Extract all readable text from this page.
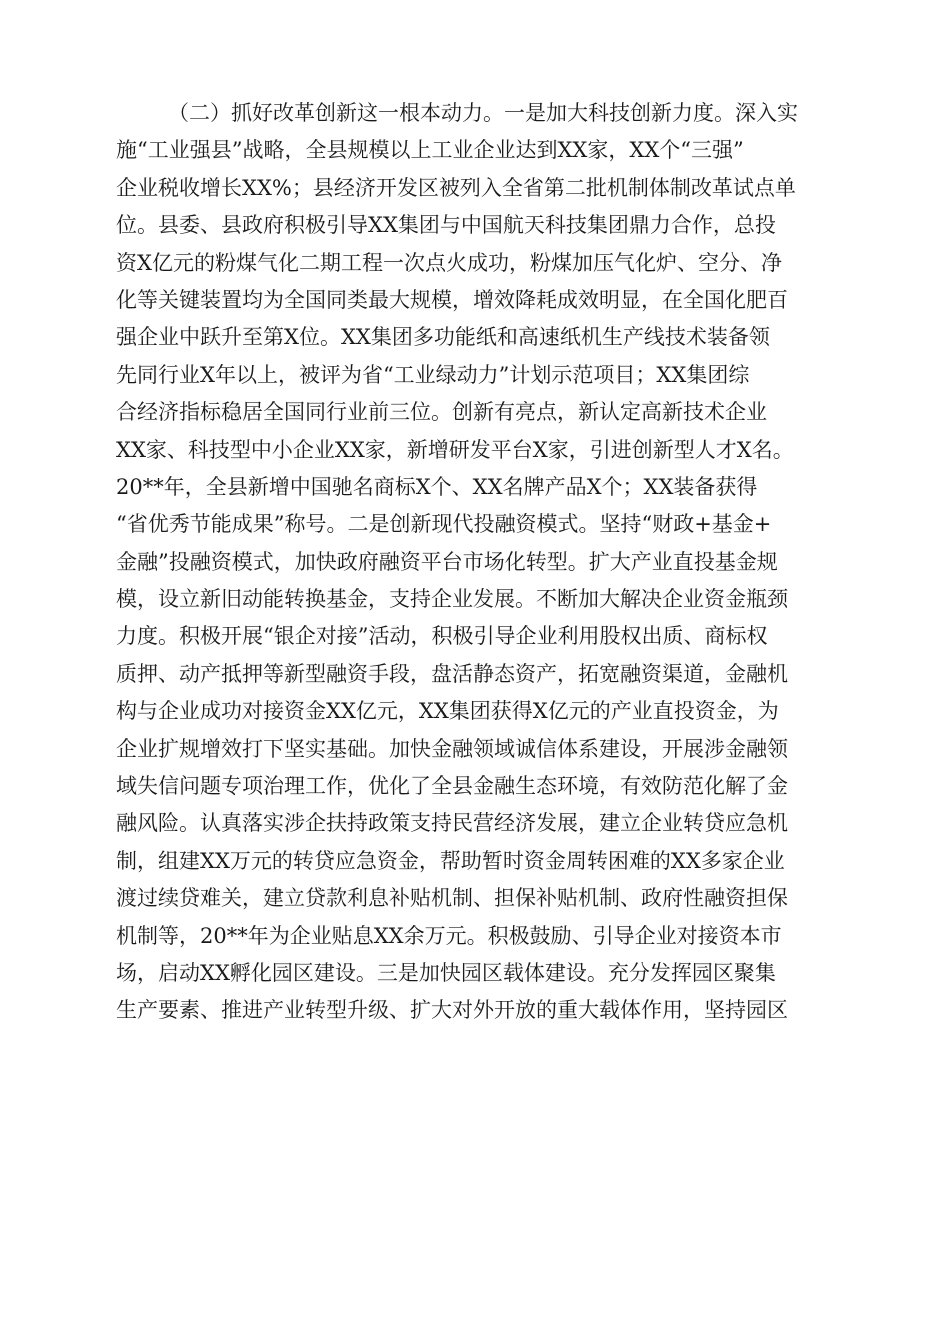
（二）抓好改革创新这一根本动力。一是加大科技创新力度。深入实
施“工业强县”战略，全县规模以上工业企业达到XX家，XX个“三强”
企业税收增长XX%；县经济开发区被列入全省第二批机制体制改革试点单
位。县委、县政府积极引导XX集团与中国航天科技集团鼎力合作，总投
资X亿元的粉煤气化二期工程一次点火成功，粉煤加压气化炉、空分、净
化等关键装置均为全国同类最大规模，增效降耗成效明显，在全国化肥百
强企业中跃升至第X位。XX集团多功能纸和高速纸机生产线技术装备领
先同行业X年以上，被评为省“工业绿动力”计划示范项目；XX集团综
合经济指标稳居全国同行业前三位。创新有亮点，新认定高新技术企业
XX家、科技型中小企业XX家，新增研发平台X家，引进创新型人才X名。
20**年，全县新增中国驰名商标X个、XX名牌产品X个；XX装备获得
“省优秀节能成果”称号。二是创新现代投融资模式。坚持“财政+基金+
金融”投融资模式，加快政府融资平台市场化转型。扩大产业直投基金规
模，设立新旧动能转换基金，支持企业发展。不断加大解决企业资金瓶颈
力度。积极开展“银企对接”活动，积极引导企业利用股权出质、商标权
质押、动产抵押等新型融资手段，盘活静态资产，拓宽融资渠道，金融机
构与企业成功对接资金XX亿元，XX集团获得X亿元的产业直投资金，为
企业扩规增效打下坚实基础。加快金融领域诚信体系建设，开展涉金融领
域失信问题专项治理工作，优化了全县金融生态环境，有效防范化解了金
融风险。认真落实涉企扶持政策支持民营经济发展，建立企业转贷应急机
制，组建XX万元的转贷应急资金，帮助暂时资金周转困难的XX多家企业
渡过续贷难关，建立贷款利息补贴机制、担保补贴机制、政府性融资担保
机制等，20**年为企业贴息XX余万元。积极鼓励、引导企业对接资本市
场，启动XX孵化园区建设。三是加快园区载体建设。充分发挥园区聚集
生产要素、推进产业转型升级、扩大对外开放的重大载体作用，坚持园区
